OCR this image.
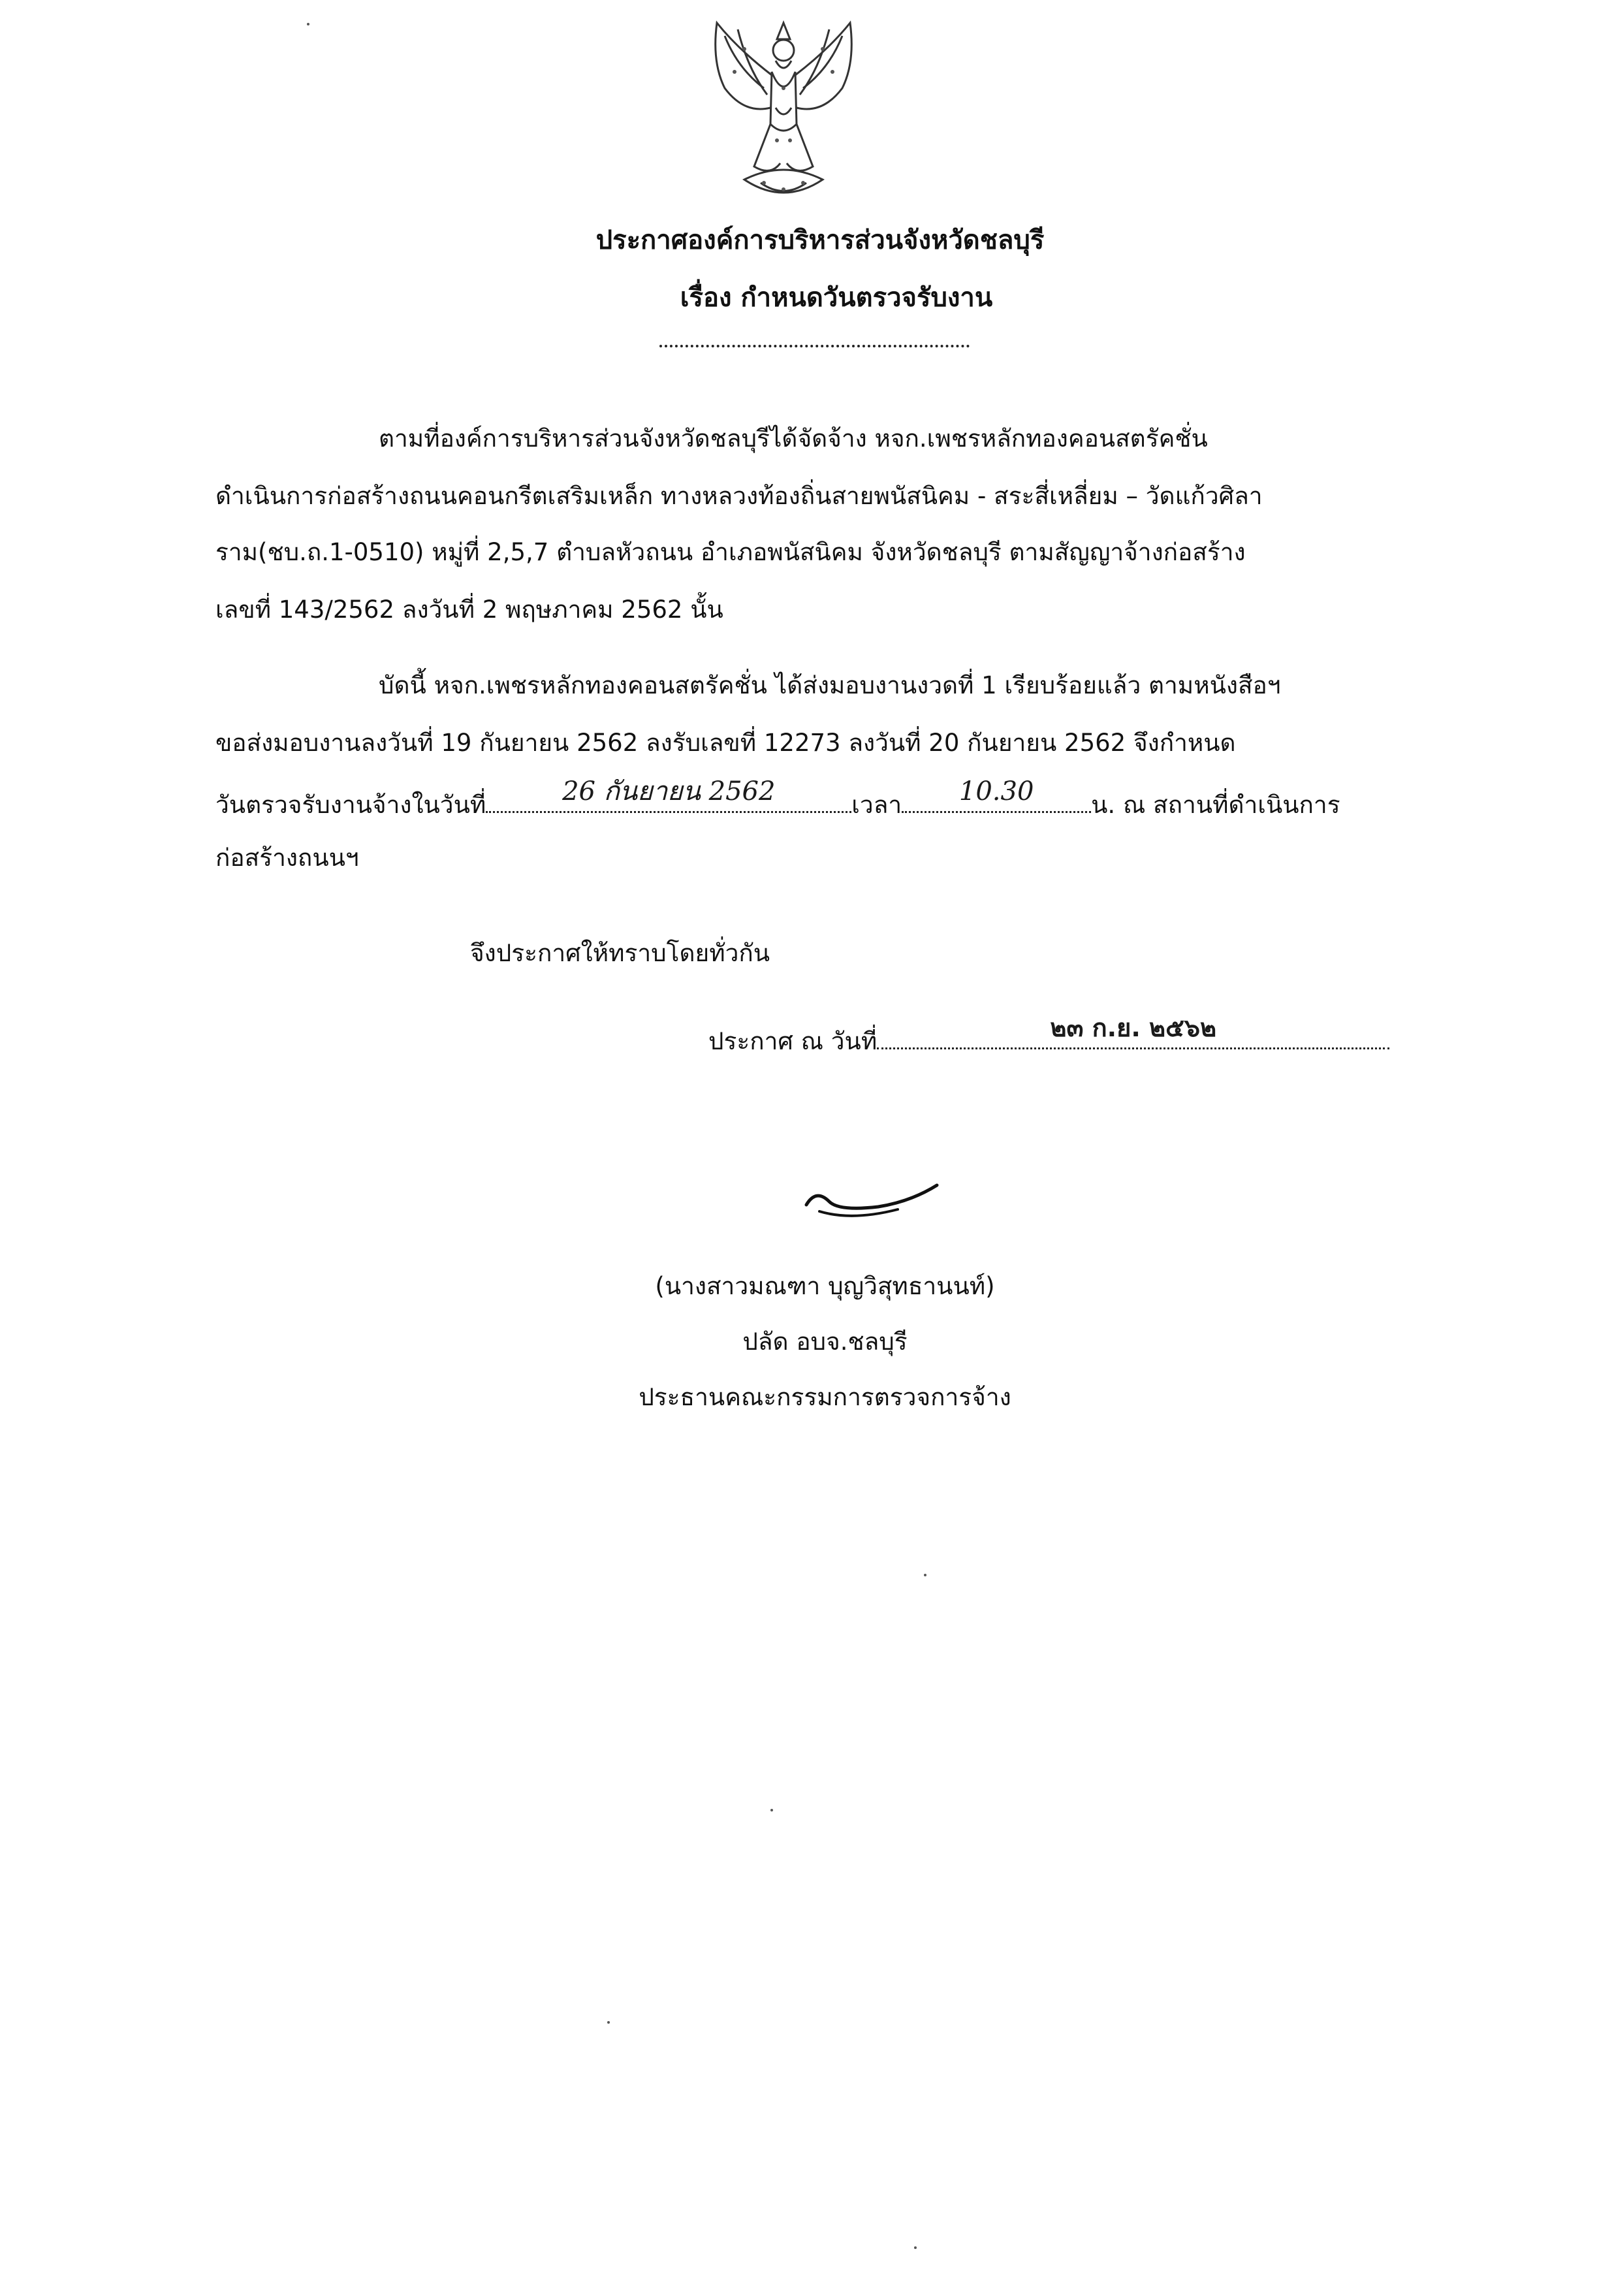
ประกาศองค์การบริหารส่วนจังหวัดชลบุรี
เรื่อง กำหนดวันตรวจรับงาน

ตามที่องค์การบริหารส่วนจังหวัดชลบุรีได้จัดจ้าง หจก.เพชรหลักทองคอนสตรัคชั่น

ดำเนินการก่อสร้างถนนคอนกรีตเสริมเหล็ก ทางหลวงท้องถิ่นสายพนัสนิคม - สระสี่เหลี่ยม – วัดแก้วศิลา

ราม(ชบ.ถ.1-0510) หมู่ที่ 2,5,7 ตำบลหัวถนน อำเภอพนัสนิคม จังหวัดชลบุรี ตามสัญญาจ้างก่อสร้าง

เลขที่ 143/2562 ลงวันที่ 2 พฤษภาคม 2562 นั้น

บัดนี้ หจก.เพชรหลักทองคอนสตรัคชั่น ได้ส่งมอบงานงวดที่ 1 เรียบร้อยแล้ว ตามหนังสือฯ

ขอส่งมอบงานลงวันที่ 19 กันยายน 2562 ลงรับเลขที่ 12273 ลงวันที่ 20 กันยายน 2562 จึงกำหนด

วันตรวจรับงานจ้างในวันที่	26 กันยายน 2562	เวลา	10.30	น. ณ สถานที่ดำเนินการ

ก่อสร้างถนนฯ

จึงประกาศให้ทราบโดยทั่วกัน

ประกาศ ณ วันที่	๒๓ ก.ย. ๒๕๖๒

(นางสาวมณฑา บุญวิสุทธานนท์)

ปลัด อบจ.ชลบุรี

ประธานคณะกรรมการตรวจการจ้าง
